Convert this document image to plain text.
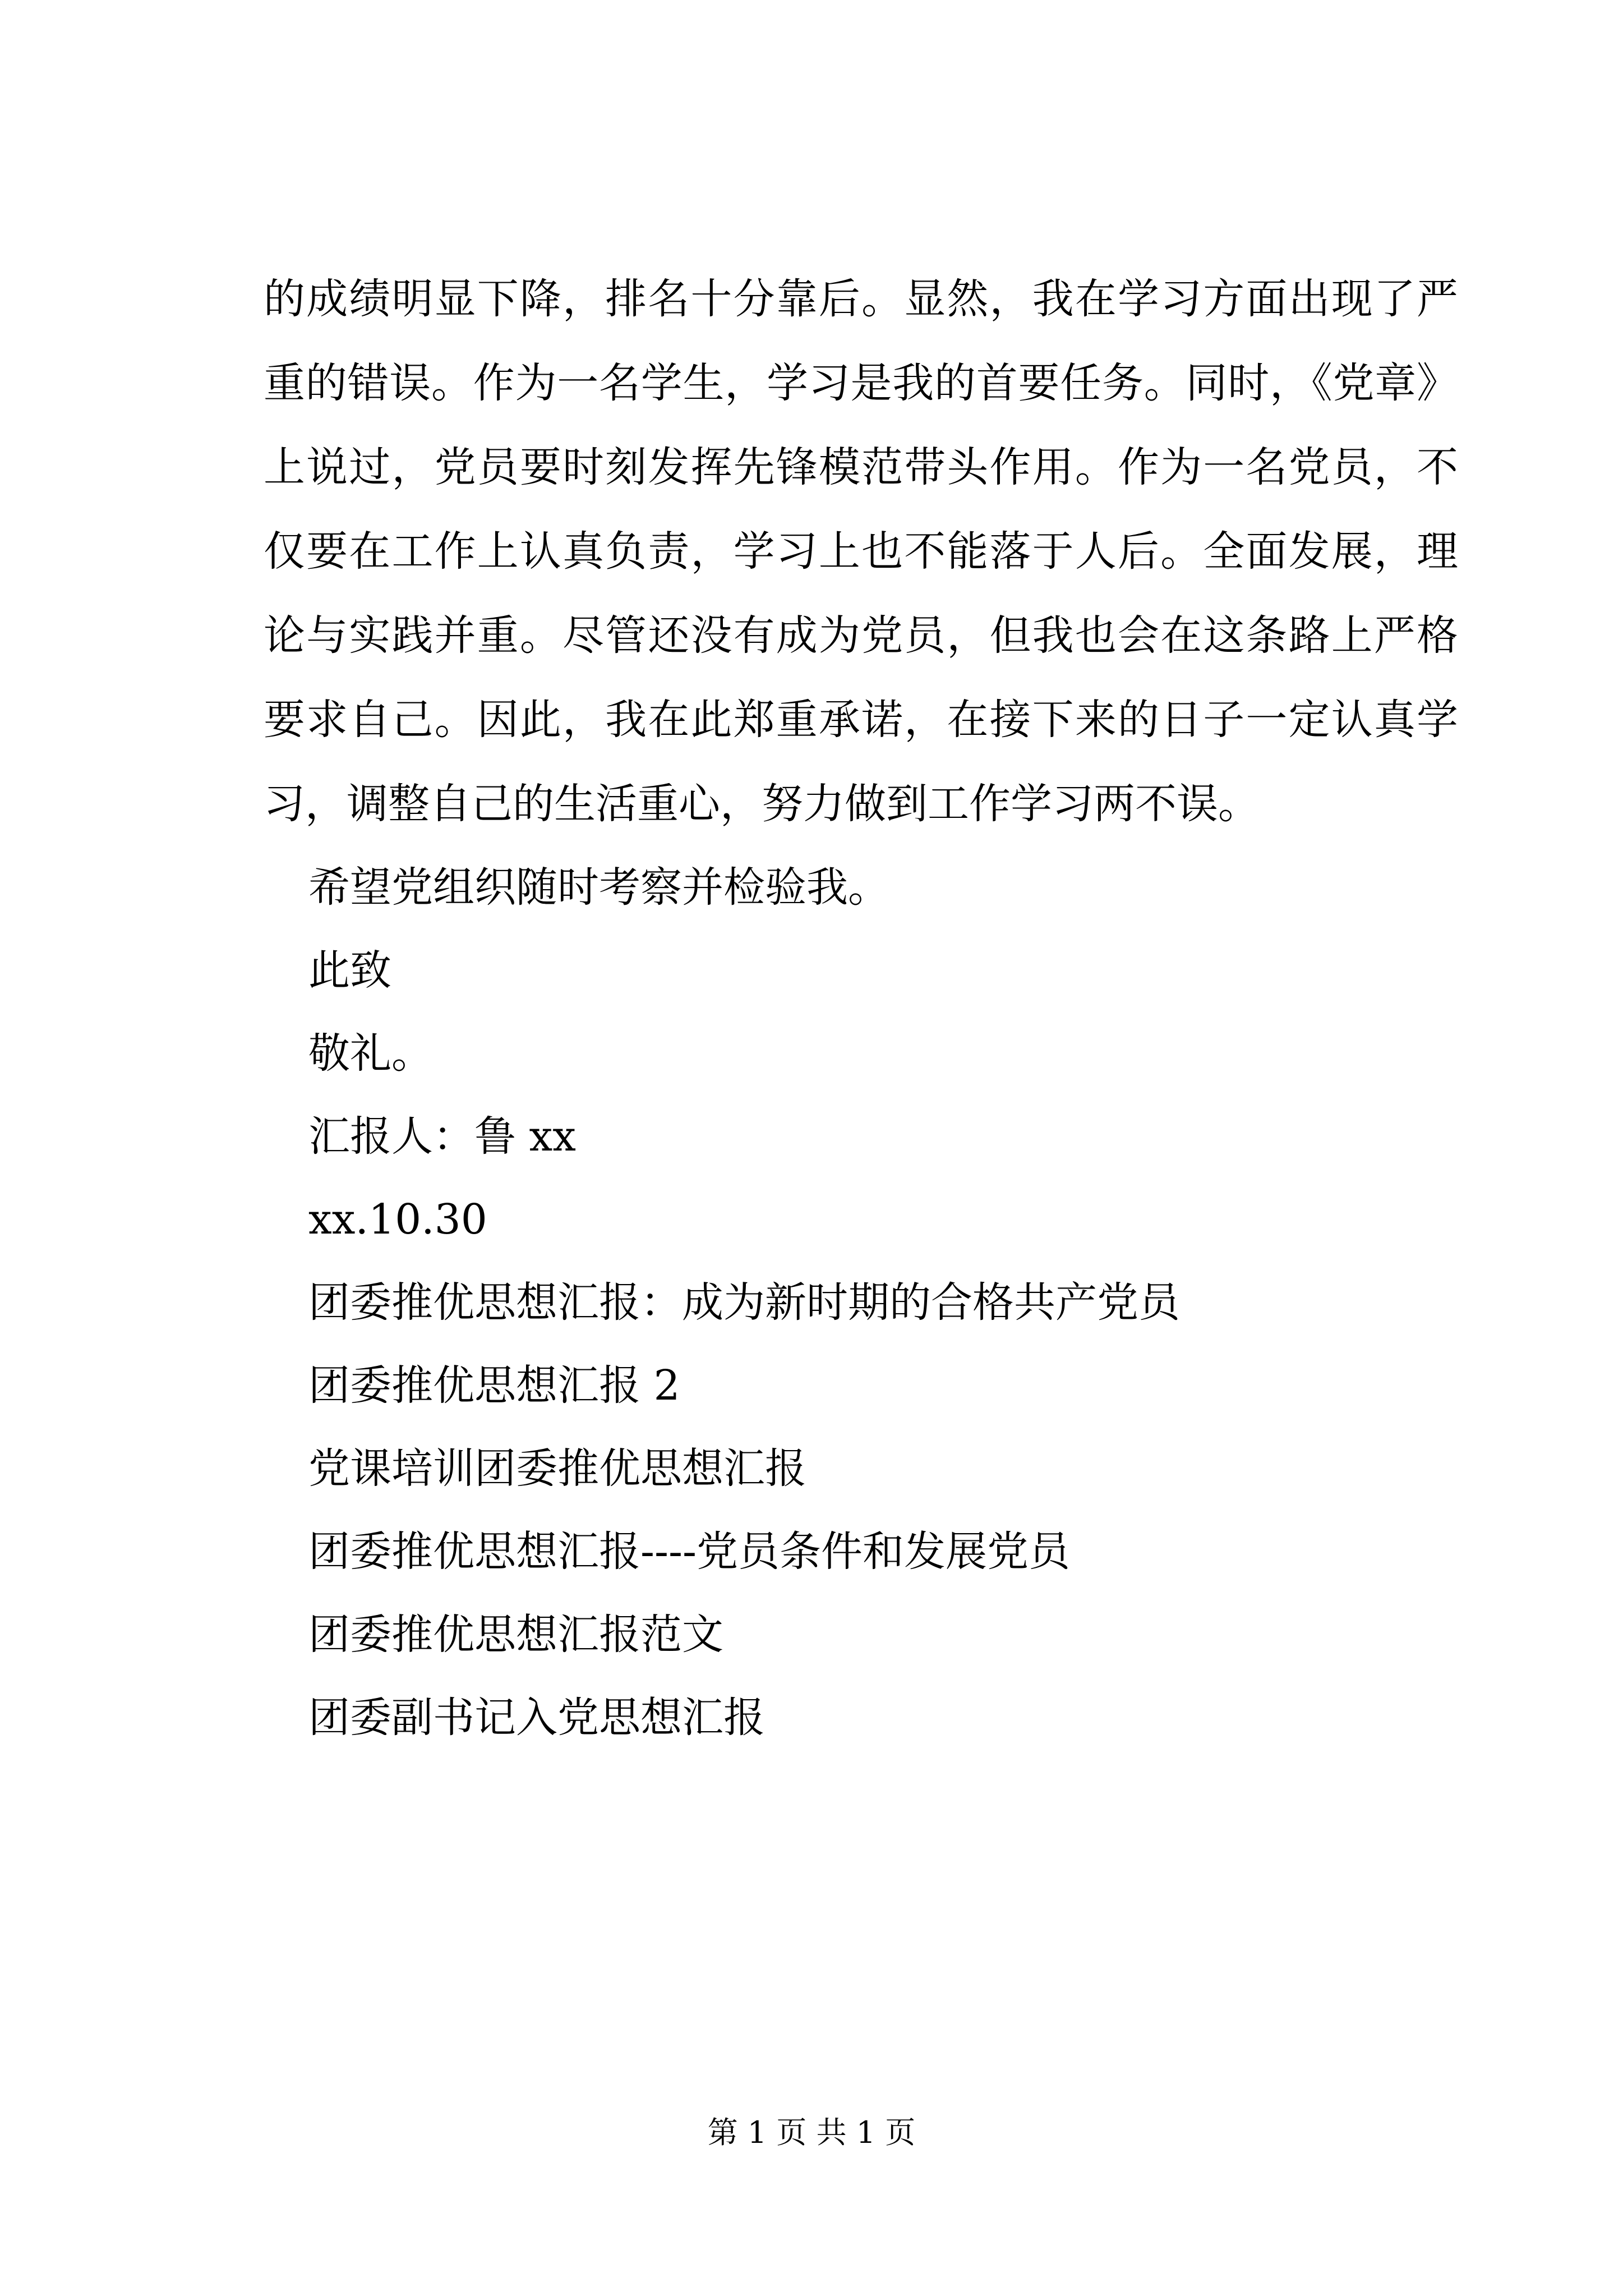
的成绩明显下降，排名十分靠后。显然，我在学习方面出现了严重的错误。作为一名学生，学习是我的首要任务。同时，《党章》上说过，党员要时刻发挥先锋模范带头作用。作为一名党员，不仅要在工作上认真负责，学习上也不能落于人后。全面发展，理论与实践并重。尽管还没有成为党员，但我也会在这条路上严格要求自己。因此，我在此郑重承诺，在接下来的日子一定认真学习，调整自己的生活重心，努力做到工作学习两不误。

希望党组织随时考察并检验我。

此致

敬礼。

汇报人：鲁 xx

xx.10.30

团委推优思想汇报：成为新时期的合格共产党员

团委推优思想汇报 2

党课培训团委推优思想汇报

团委推优思想汇报----党员条件和发展党员

团委推优思想汇报范文

团委副书记入党思想汇报

第 1 页 共 1 页
